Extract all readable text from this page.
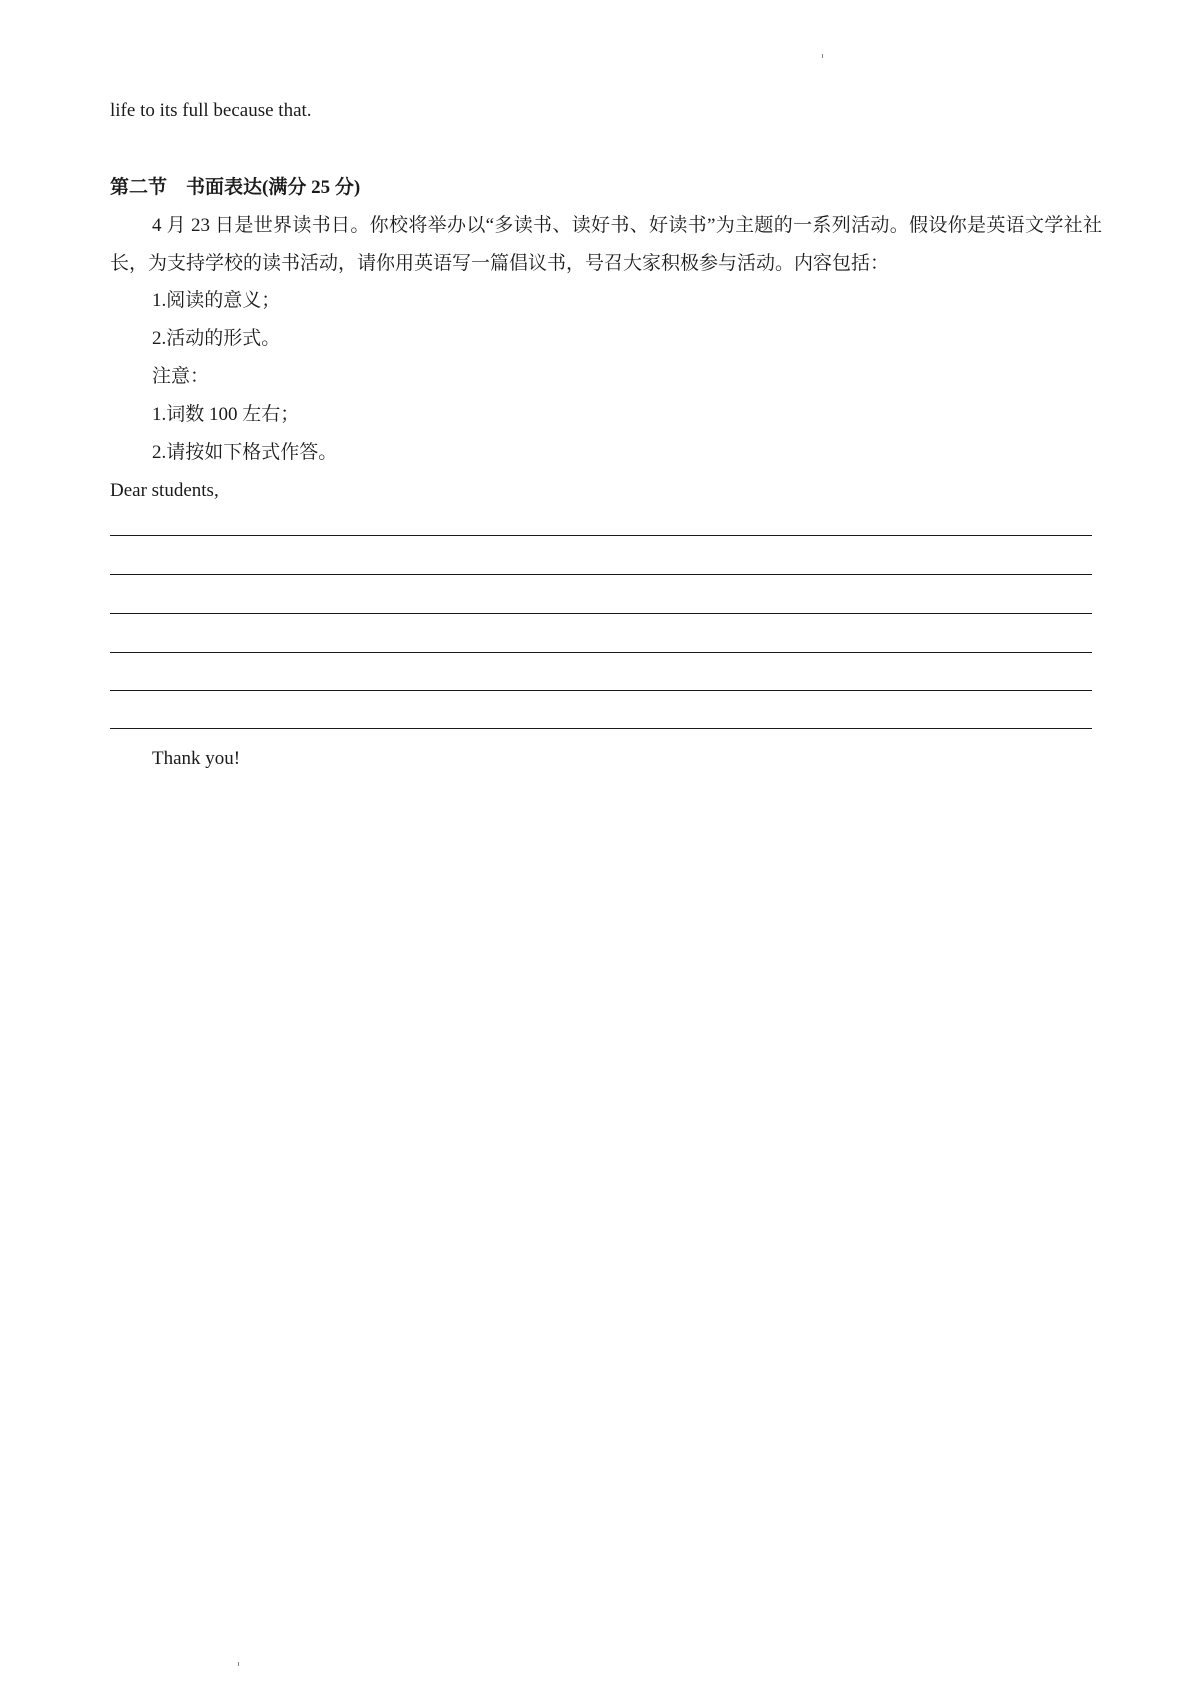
life to its full because that.
第二节　书面表达(满分 25 分)
4 月 23 日是世界读书日。你校将举办以“多读书、读好书、好读书”为主题的一系列活动。假设你是英语文学社社长，为支持学校的读书活动，请你用英语写一篇倡议书，号召大家积极参与活动。内容包括：
1.阅读的意义；
2.活动的形式。
注意：
1.词数 100 左右；
2.请按如下格式作答。
Dear students,
Thank you!
